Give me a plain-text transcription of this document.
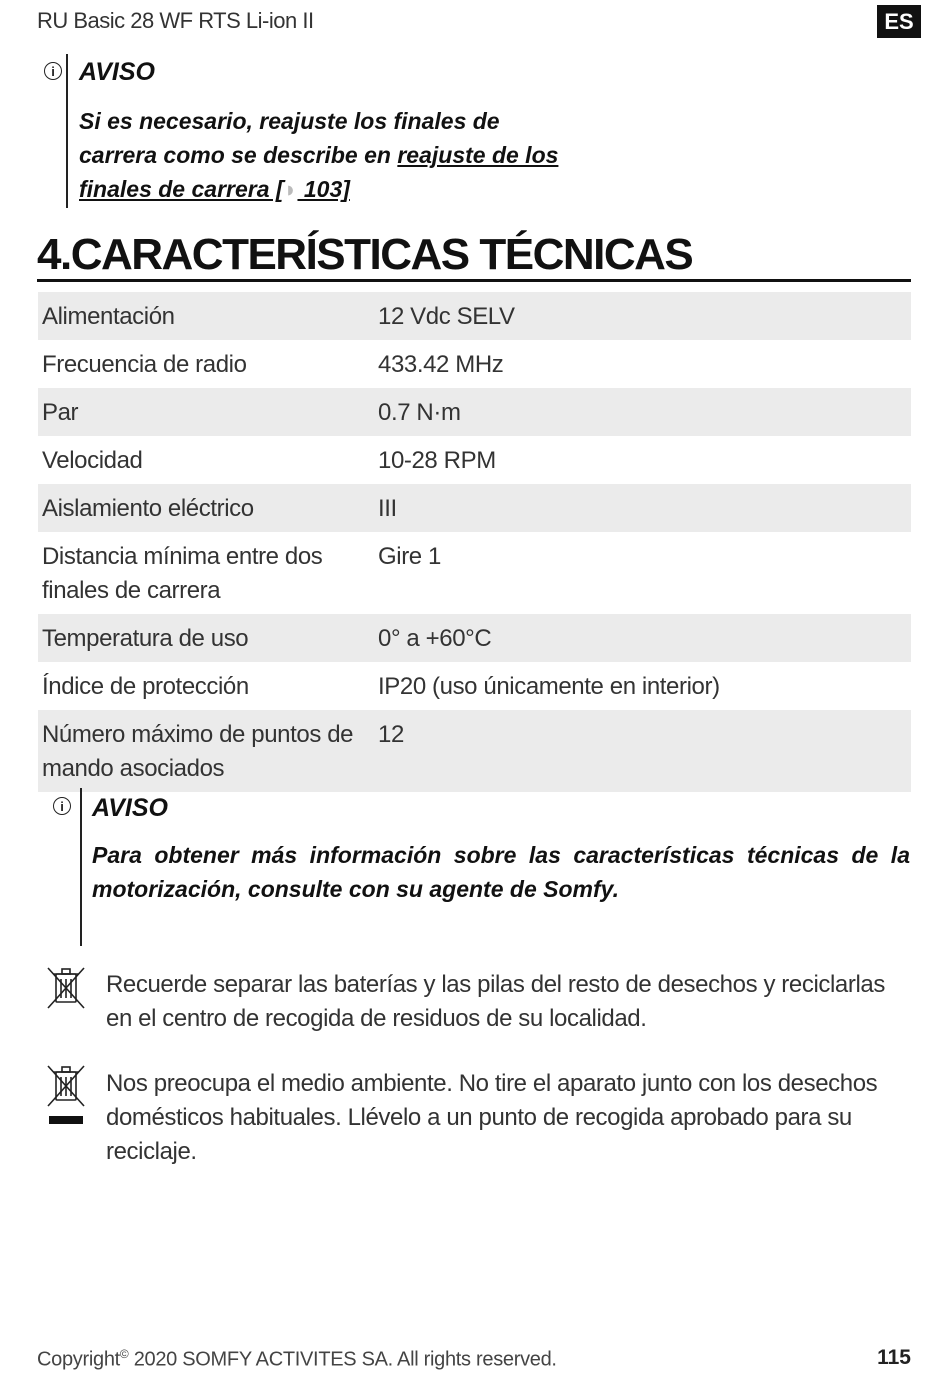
RU Basic 28 WF RTS Li-ion II	ES
i AVISO
Si es necesario, reajuste los finales de carrera como se describe en reajuste de los finales de carrera [◗ 103]
4.CARACTERÍSTICAS TÉCNICAS
Alimentación	12 Vdc SELV
Frecuencia de radio	433.42 MHz
Par	0.7 N·m
Velocidad	10-28 RPM
Aislamiento eléctrico	III
Distancia mínima entre dos finales de carrera	Gire 1
Temperatura de uso	0° a +60°C
Índice de protección	IP20 (uso únicamente en interior)
Número máximo de puntos de mando asociados	12
i AVISO
Para obtener más información sobre las características técnicas de la motorización, consulte con su agente de Somfy.
Recuerde separar las baterías y las pilas del resto de desechos y reciclarlas en el centro de recogida de residuos de su localidad.
Nos preocupa el medio ambiente. No tire el aparato junto con los desechos domésticos habituales. Llévelo a un punto de recogida aprobado para su reciclaje.
Copyright© 2020 SOMFY ACTIVITES SA. All rights reserved.	115
